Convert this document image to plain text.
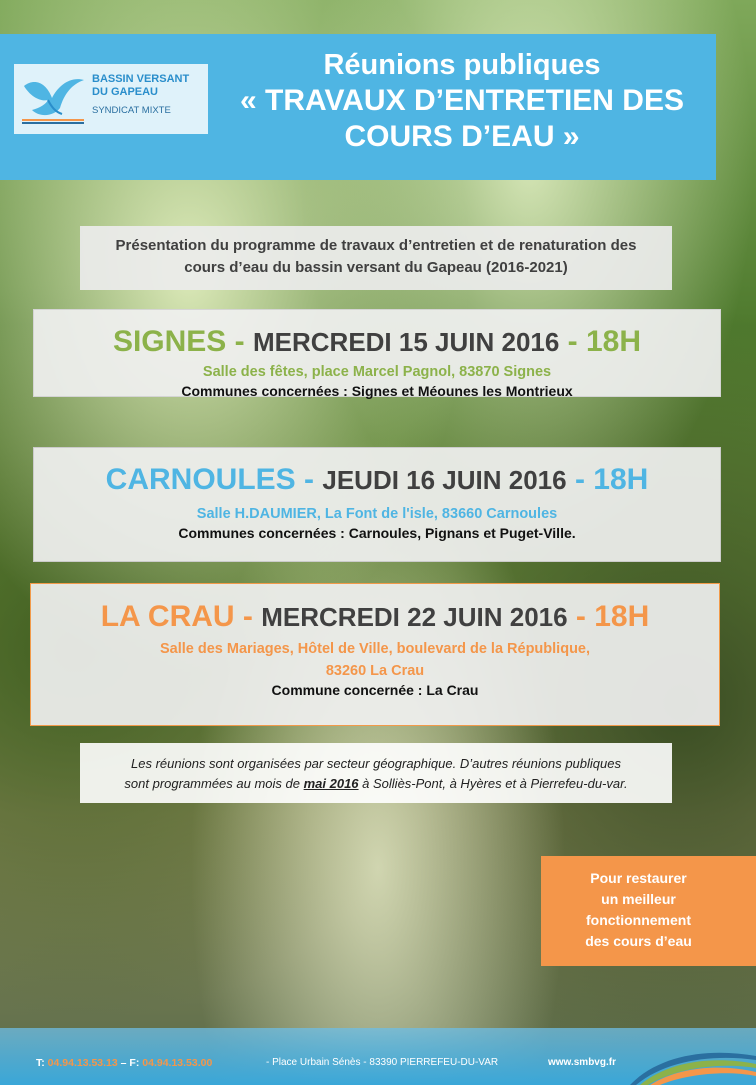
BASSIN VERSANT
DU GAPEAU
SYNDICAT MIXTE
Réunions publiques
« TRAVAUX D’ENTRETIEN DES
COURS D’EAU »
Présentation du programme de travaux d’entretien et de renaturation des
cours d’eau du bassin versant du Gapeau (2016-2021)
SIGNES - MERCREDI 15 JUIN 2016 - 18H
Salle des fêtes, place Marcel Pagnol, 83870 Signes
Communes concernées : Signes et Méounes les Montrieux
CARNOULES - JEUDI 16 JUIN 2016 - 18H
Salle H.DAUMIER, La Font de l'isle, 83660 Carnoules
Communes concernées : Carnoules, Pignans et Puget-Ville.
LA CRAU - MERCREDI 22 JUIN 2016 - 18H
Salle des Mariages, Hôtel de Ville, boulevard de la République,
83260 La Crau
Commune concernée : La Crau
Les réunions sont organisées par secteur géographique. D’autres réunions publiques
sont programmées au mois de mai 2016 à Solliès-Pont, à Hyères et à Pierrefeu-du-var.
Pour restaurer
un meilleur
fonctionnement
des cours d’eau
T: 04.94.13.53.13 – F: 04.94.13.53.00	- Place Urbain Sénès - 83390 PIERREFEU-DU-VAR	www.smbvg.fr
